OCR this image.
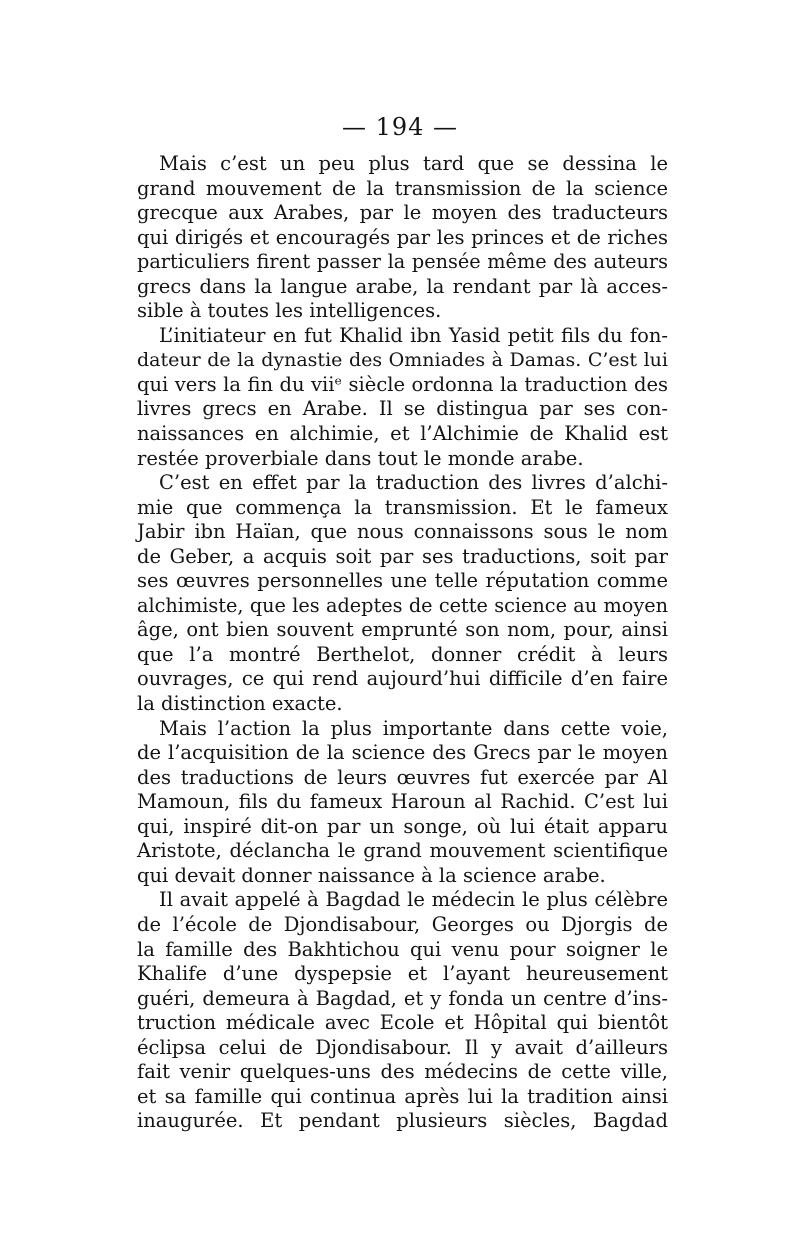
— 194 —
Mais c’est un peu plus tard que se dessina le
grand mouvement de la transmission de la science
grecque aux Arabes, par le moyen des traducteurs
qui dirigés et encouragés par les princes et de riches
particuliers firent passer la pensée même des auteurs
grecs dans la langue arabe, la rendant par là acces-
sible à toutes les intelligences.
L’initiateur en fut Khalid ibn Yasid petit fils du fon-
dateur de la dynastie des Omniades à Damas. C’est lui
qui vers la fin du viiᵉ siècle ordonna la traduction des
livres grecs en Arabe. Il se distingua par ses con-
naissances en alchimie, et l’Alchimie de Khalid est
restée proverbiale dans tout le monde arabe.
C’est en effet par la traduction des livres d’alchi-
mie que commença la transmission. Et le fameux
Jabir ibn Haïan, que nous connaissons sous le nom
de Geber, a acquis soit par ses traductions, soit par
ses œuvres personnelles une telle réputation comme
alchimiste, que les adeptes de cette science au moyen
âge, ont bien souvent emprunté son nom, pour, ainsi
que l’a montré Berthelot, donner crédit à leurs
ouvrages, ce qui rend aujourd’hui difficile d’en faire
la distinction exacte.
Mais l’action la plus importante dans cette voie,
de l’acquisition de la science des Grecs par le moyen
des traductions de leurs œuvres fut exercée par Al
Mamoun, fils du fameux Haroun al Rachid. C’est lui
qui, inspiré dit-on par un songe, où lui était apparu
Aristote, déclancha le grand mouvement scientifique
qui devait donner naissance à la science arabe.
Il avait appelé à Bagdad le médecin le plus célèbre
de l’école de Djondisabour, Georges ou Djorgis de
la famille des Bakhtichou qui venu pour soigner le
Khalife d’une dyspepsie et l’ayant heureusement
guéri, demeura à Bagdad, et y fonda un centre d’ins-
truction médicale avec Ecole et Hôpital qui bientôt
éclipsa celui de Djondisabour. Il y avait d’ailleurs
fait venir quelques-uns des médecins de cette ville,
et sa famille qui continua après lui la tradition ainsi
inaugurée. Et pendant plusieurs siècles, Bagdad
